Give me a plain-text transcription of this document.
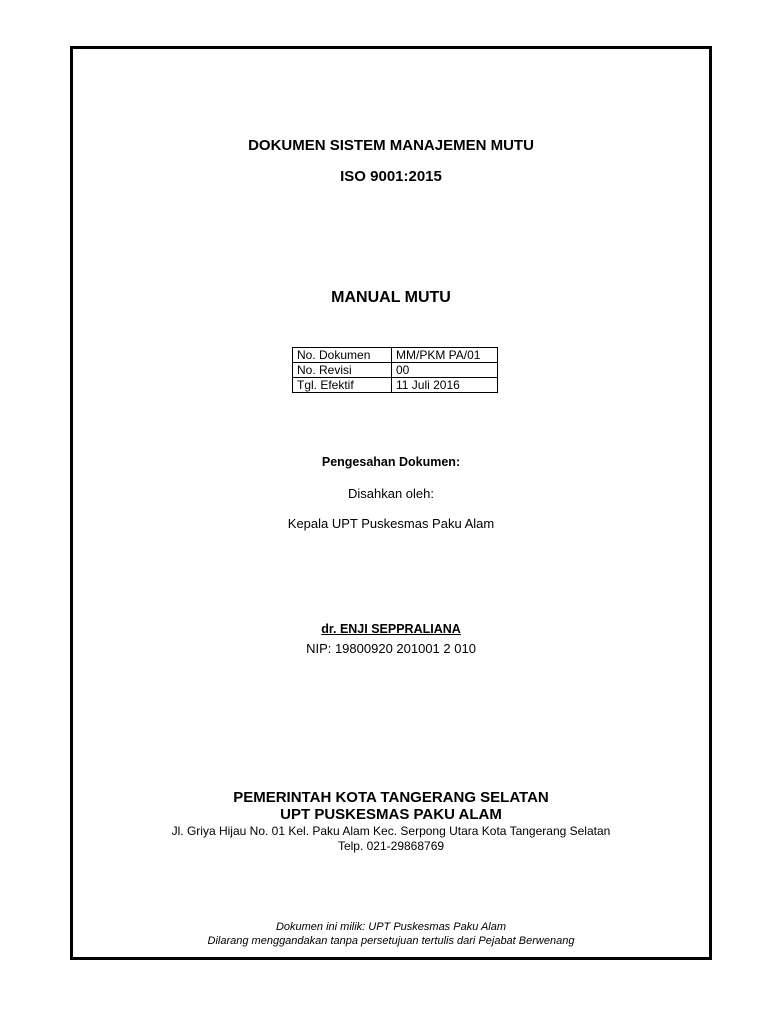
DOKUMEN SISTEM MANAJEMEN MUTU
ISO 9001:2015
MANUAL MUTU
No. Dokumen	MM/PKM PA/01
No. Revisi	00
Tgl. Efektif	11 Juli 2016
Pengesahan Dokumen:
Disahkan oleh:
Kepala UPT Puskesmas Paku Alam
dr. ENJI SEPPRALIANA
NIP: 19800920 201001 2 010
PEMERINTAH KOTA TANGERANG SELATAN
UPT PUSKESMAS PAKU ALAM
Jl. Griya Hijau No. 01 Kel. Paku Alam Kec. Serpong Utara Kota Tangerang Selatan
Telp. 021-29868769
Dokumen ini milik: UPT Puskesmas Paku Alam
Dilarang menggandakan tanpa persetujuan tertulis dari Pejabat Berwenang
